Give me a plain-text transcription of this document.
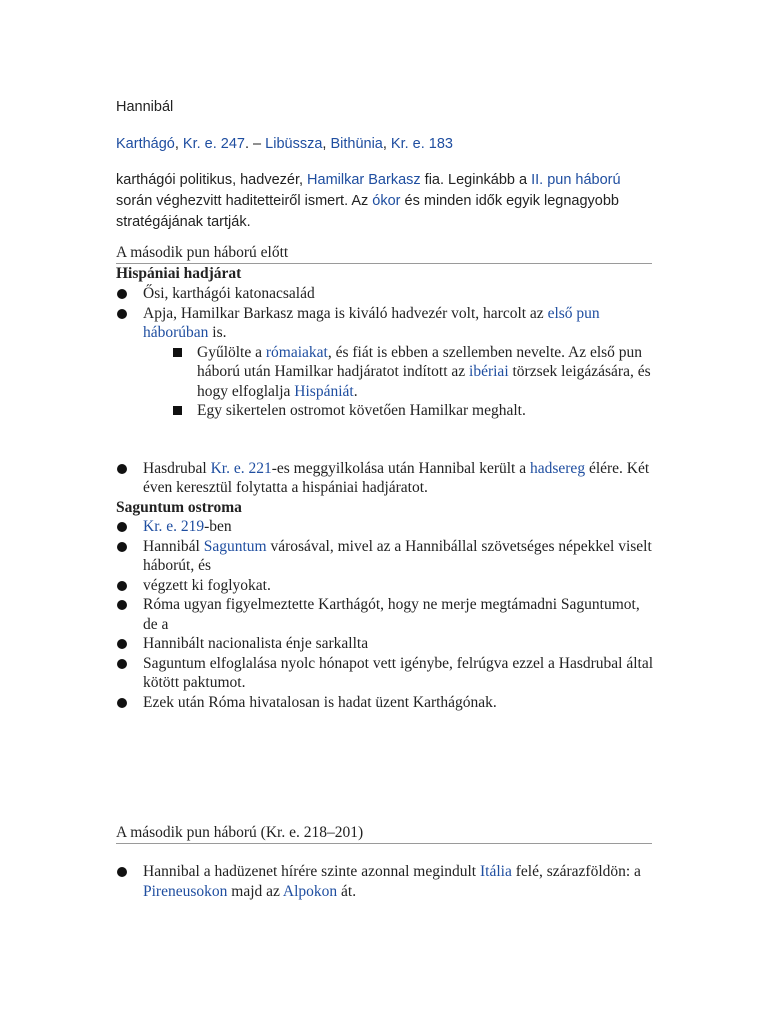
Hannibál
Karthágó, Kr. e. 247. – Libüssza, Bithünia, Kr. e. 183
karthágói politikus, hadvezér, Hamilkar Barkasz fia. Leginkább a II. pun háború során véghezvitt haditetteiről ismert. Az ókor és minden idők egyik legnagyobb stratégájának tartják.
A második pun háború előtt
Hispániai hadjárat
Ősi, karthágói katonacsalád
Apja, Hamilkar Barkasz maga is kiváló hadvezér volt, harcolt az első pun háborúban is.
Gyűlölte a rómaiakat, és fiát is ebben a szellemben nevelte. Az első pun háború után Hamilkar hadjáratot indított az ibériai törzsek leigázására, és hogy elfoglalja Hispániát.
Egy sikertelen ostromot követően Hamilkar meghalt.
Hasdrubal Kr. e. 221-es meggyilkolása után Hannibal került a hadsereg élére. Két éven keresztül folytatta a hispániai hadjáratot.
Saguntum ostroma
Kr. e. 219-ben
Hannibál Saguntum városával, mivel az a Hannibállal szövetséges népekkel viselt háborút, és
végzett ki foglyokat.
Róma ugyan figyelmeztette Karthágót, hogy ne merje megtámadni Saguntumot, de a
Hannibált nacionalista énje sarkallta
Saguntum elfoglalása nyolc hónapot vett igénybe, felrúgva ezzel a Hasdrubal által kötött paktumot.
Ezek után Róma hivatalosan is hadat üzent Karthágónak.
A második pun háború (Kr. e. 218–201)
Hannibal a hadüzenet hírére szinte azonnal megindult Itália felé, szárazföldön: a Pireneusokon majd az Alpokon át.
